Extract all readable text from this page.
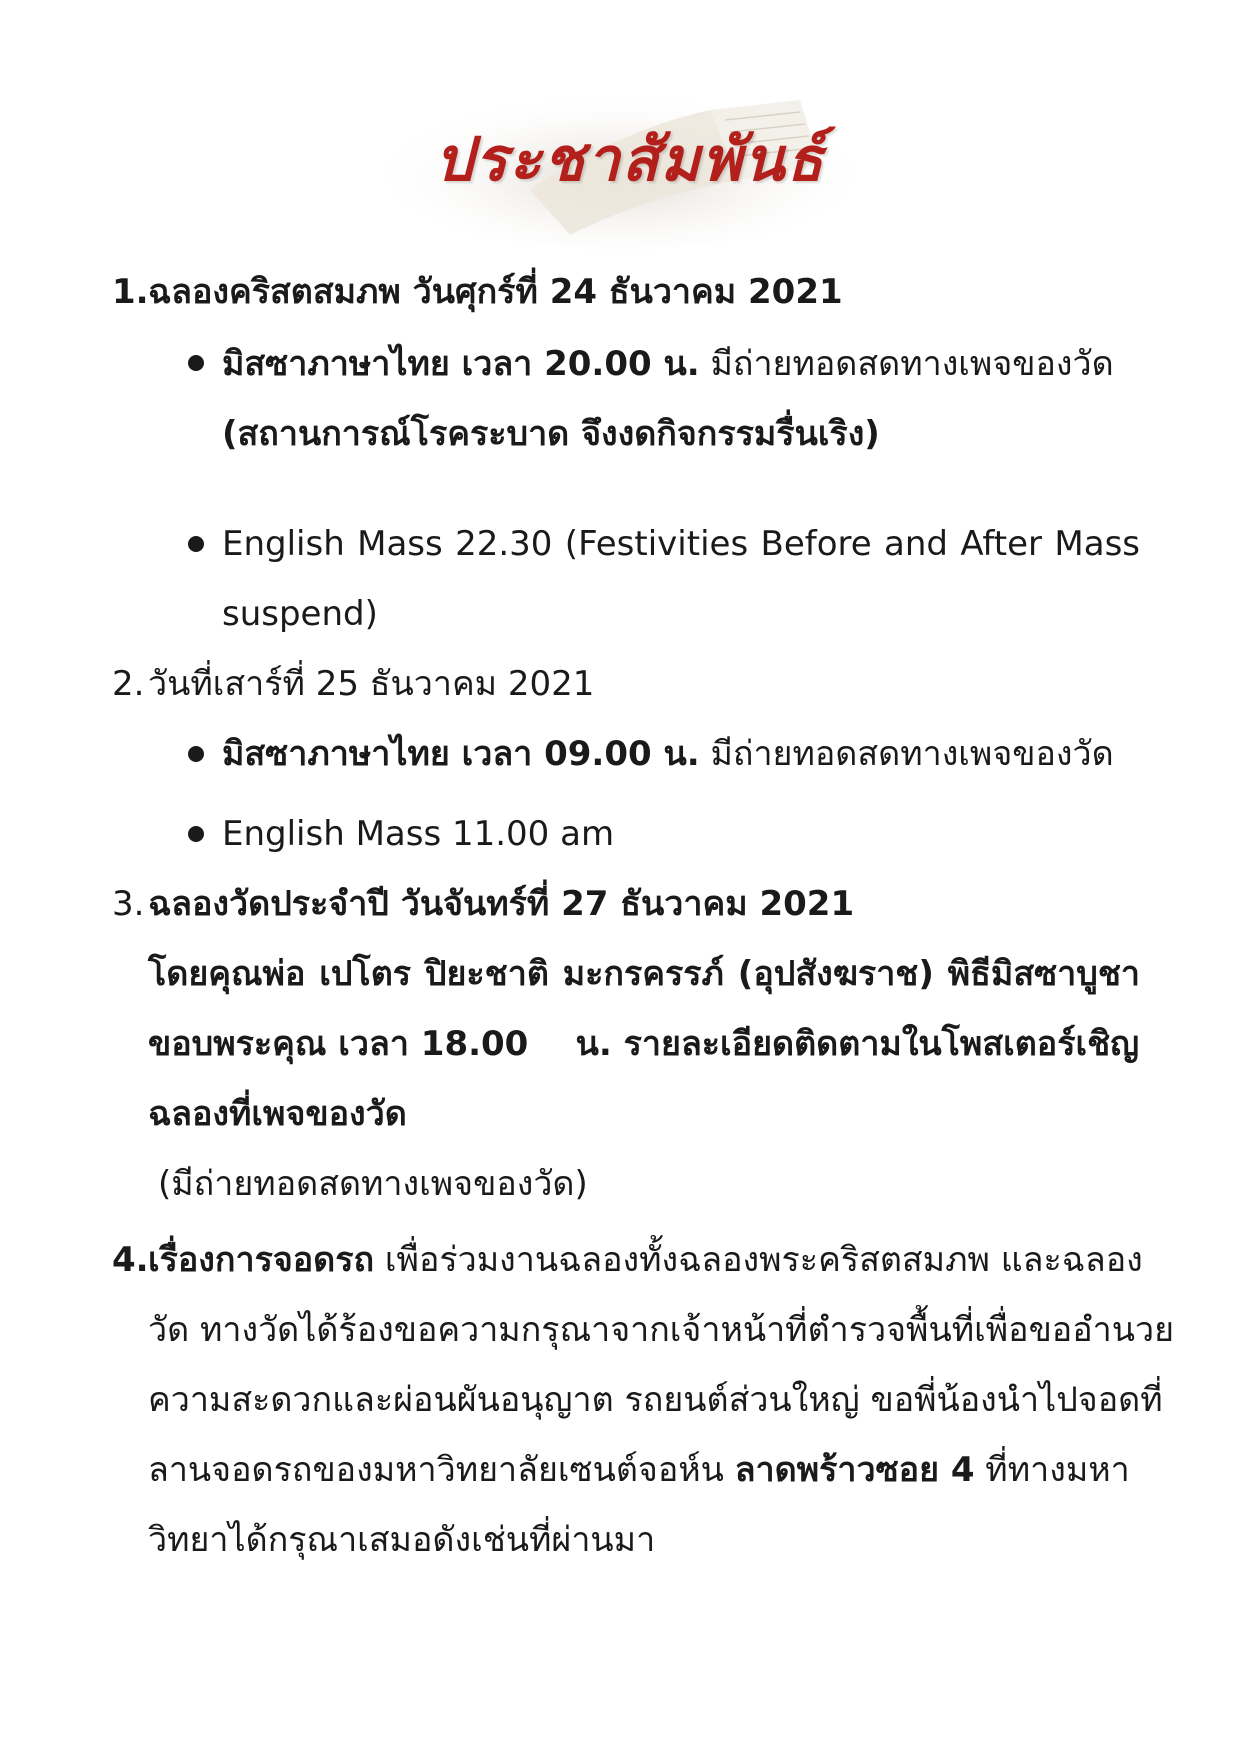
ประชาสัมพันธ์
1. ฉลองคริสตสมภพ วันศุกร์ที่ 24 ธันวาคม 2021
มิสซาภาษาไทย เวลา 20.00 น. มีถ่ายทอดสดทางเพจของวัด
(สถานการณ์โรคระบาด จึงงดกิจกรรมรื่นเริง)
English Mass 22.30 (Festivities Before and After Mass
suspend)
2. วันที่เสาร์ที่ 25 ธันวาคม 2021
มิสซาภาษาไทย เวลา 09.00 น. มีถ่ายทอดสดทางเพจของวัด
English Mass 11.00 am
3. ฉลองวัดประจำปี วันจันทร์ที่ 27 ธันวาคม 2021
โดยคุณพ่อ เปโตร ปิยะชาติ มะกรครรภ์ (อุปสังฆราช) พิธีมิสซาบูชา
ขอบพระคุณ เวลา 18.00    น. รายละเอียดติดตามในโพสเตอร์เชิญ
ฉลองที่เพจของวัด
(มีถ่ายทอดสดทางเพจของวัด)
4. เรื่องการจอดรถ เพื่อร่วมงานฉลองทั้งฉลองพระคริสตสมภพ และฉลอง
วัด ทางวัดได้ร้องขอความกรุณาจากเจ้าหน้าที่ตำรวจพื้นที่เพื่อขออำนวย
ความสะดวกและผ่อนผันอนุญาต รถยนต์ส่วนใหญ่ ขอพี่น้องนำไปจอดที่
ลานจอดรถของมหาวิทยาลัยเซนต์จอห์น ลาดพร้าวซอย 4 ที่ทางมหา
วิทยาได้กรุณาเสมอดังเช่นที่ผ่านมา
